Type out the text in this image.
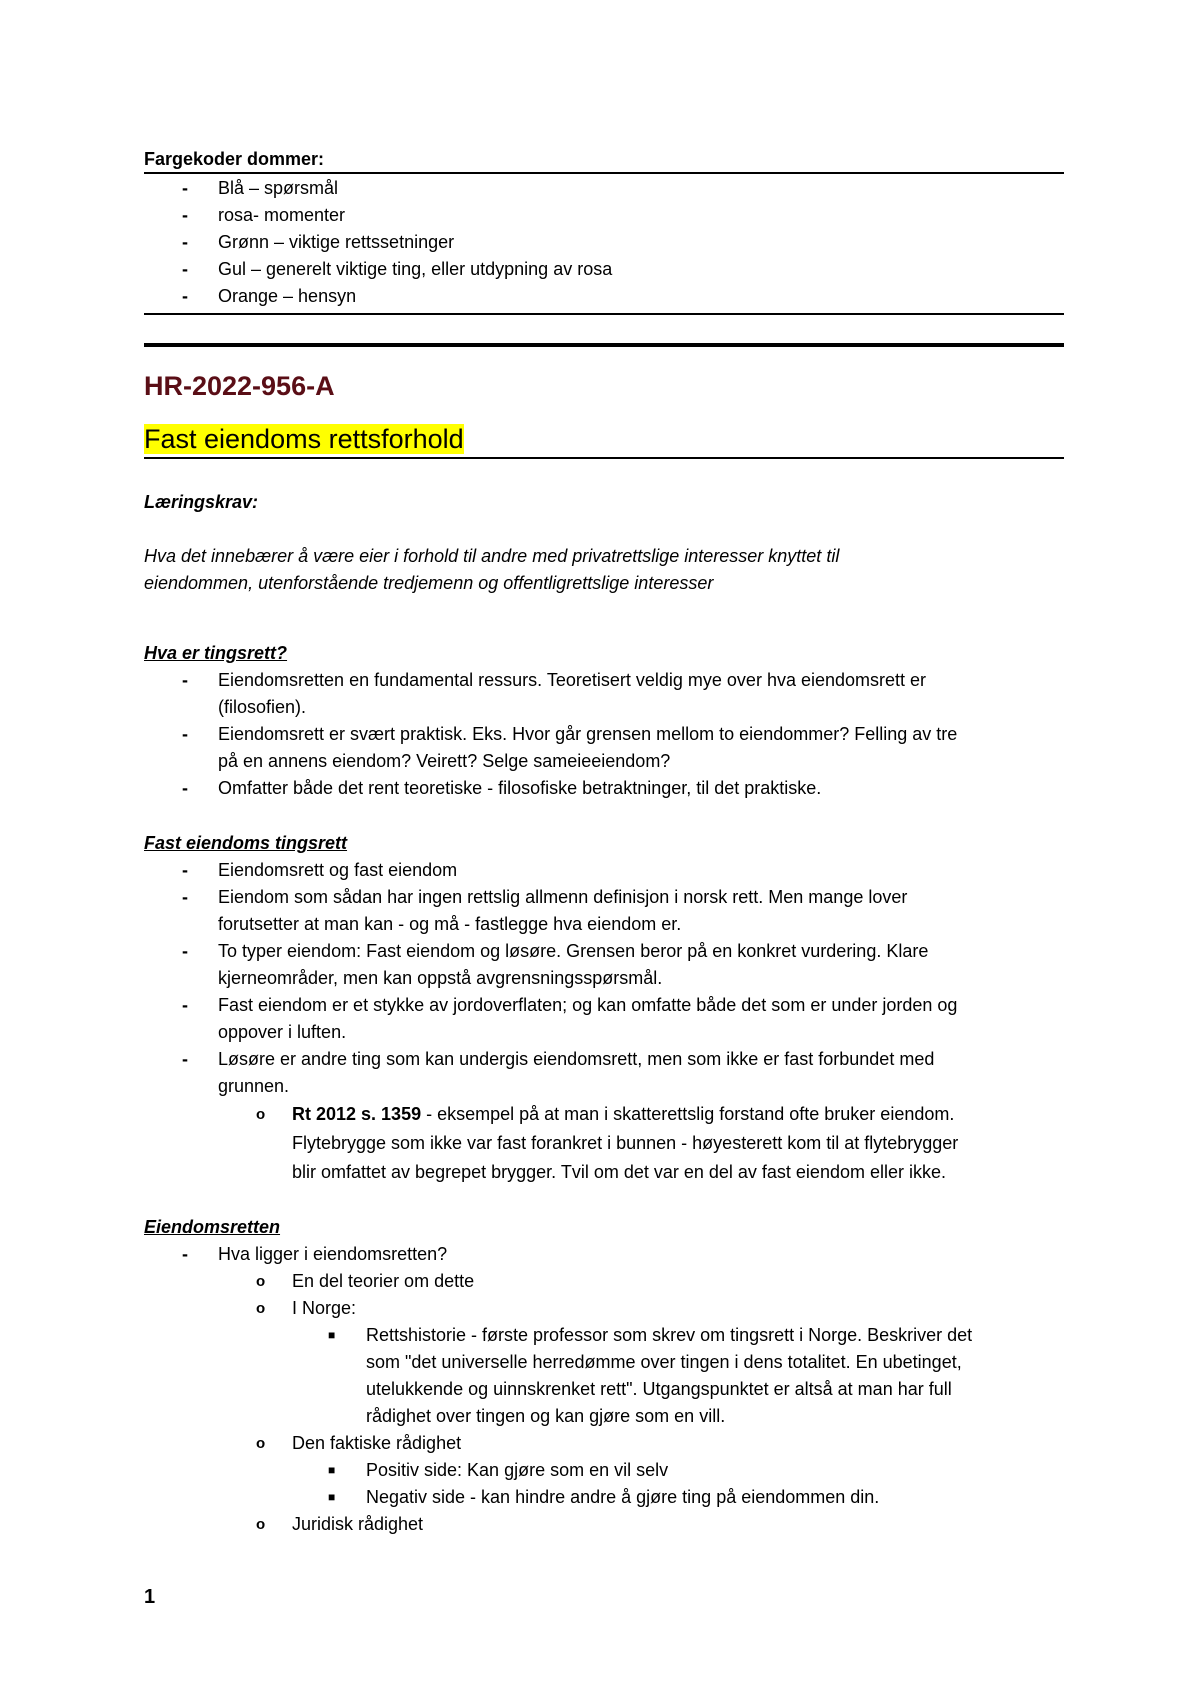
Fargekoder dommer:
- Blå – spørsmål
- rosa- momenter
- Grønn – viktige rettssetninger
- Gul – generelt viktige ting, eller utdypning av rosa
- Orange – hensyn
HR-2022-956-A
Fast eiendoms rettsforhold
Læringskrav:
Hva det innebærer å være eier i forhold til andre med privatrettslige interesser knyttet til
eiendommen, utenforstående tredjemenn og offentligrettslige interesser
Hva er tingsrett?
- Eiendomsretten en fundamental ressurs. Teoretisert veldig mye over hva eiendomsrett er
(filosofien).
- Eiendomsrett er svært praktisk. Eks. Hvor går grensen mellom to eiendommer? Felling av tre
på en annens eiendom? Veirett? Selge sameieeiendom?
- Omfatter både det rent teoretiske - filosofiske betraktninger, til det praktiske.
Fast eiendoms tingsrett
- Eiendomsrett og fast eiendom
- Eiendom som sådan har ingen rettslig allmenn definisjon i norsk rett. Men mange lover
forutsetter at man kan - og må - fastlegge hva eiendom er.
- To typer eiendom: Fast eiendom og løsøre. Grensen beror på en konkret vurdering. Klare
kjerneområder, men kan oppstå avgrensningsspørsmål.
- Fast eiendom er et stykke av jordoverflaten; og kan omfatte både det som er under jorden og
oppover i luften.
- Løsøre er andre ting som kan undergis eiendomsrett, men som ikke er fast forbundet med
grunnen.
o Rt 2012 s. 1359 - eksempel på at man i skatterettslig forstand ofte bruker eiendom.
Flytebrygge som ikke var fast forankret i bunnen - høyesterett kom til at flytebrygger
blir omfattet av begrepet brygger. Tvil om det var en del av fast eiendom eller ikke.
Eiendomsretten
- Hva ligger i eiendomsretten?
o En del teorier om dette
o I Norge:
■ Rettshistorie - første professor som skrev om tingsrett i Norge. Beskriver det
som "det universelle herredømme over tingen i dens totalitet. En ubetinget,
utelukkende og uinnskrenket rett". Utgangspunktet er altså at man har full
rådighet over tingen og kan gjøre som en vill.
o Den faktiske rådighet
■ Positiv side: Kan gjøre som en vil selv
■ Negativ side - kan hindre andre å gjøre ting på eiendommen din.
o Juridisk rådighet
1
